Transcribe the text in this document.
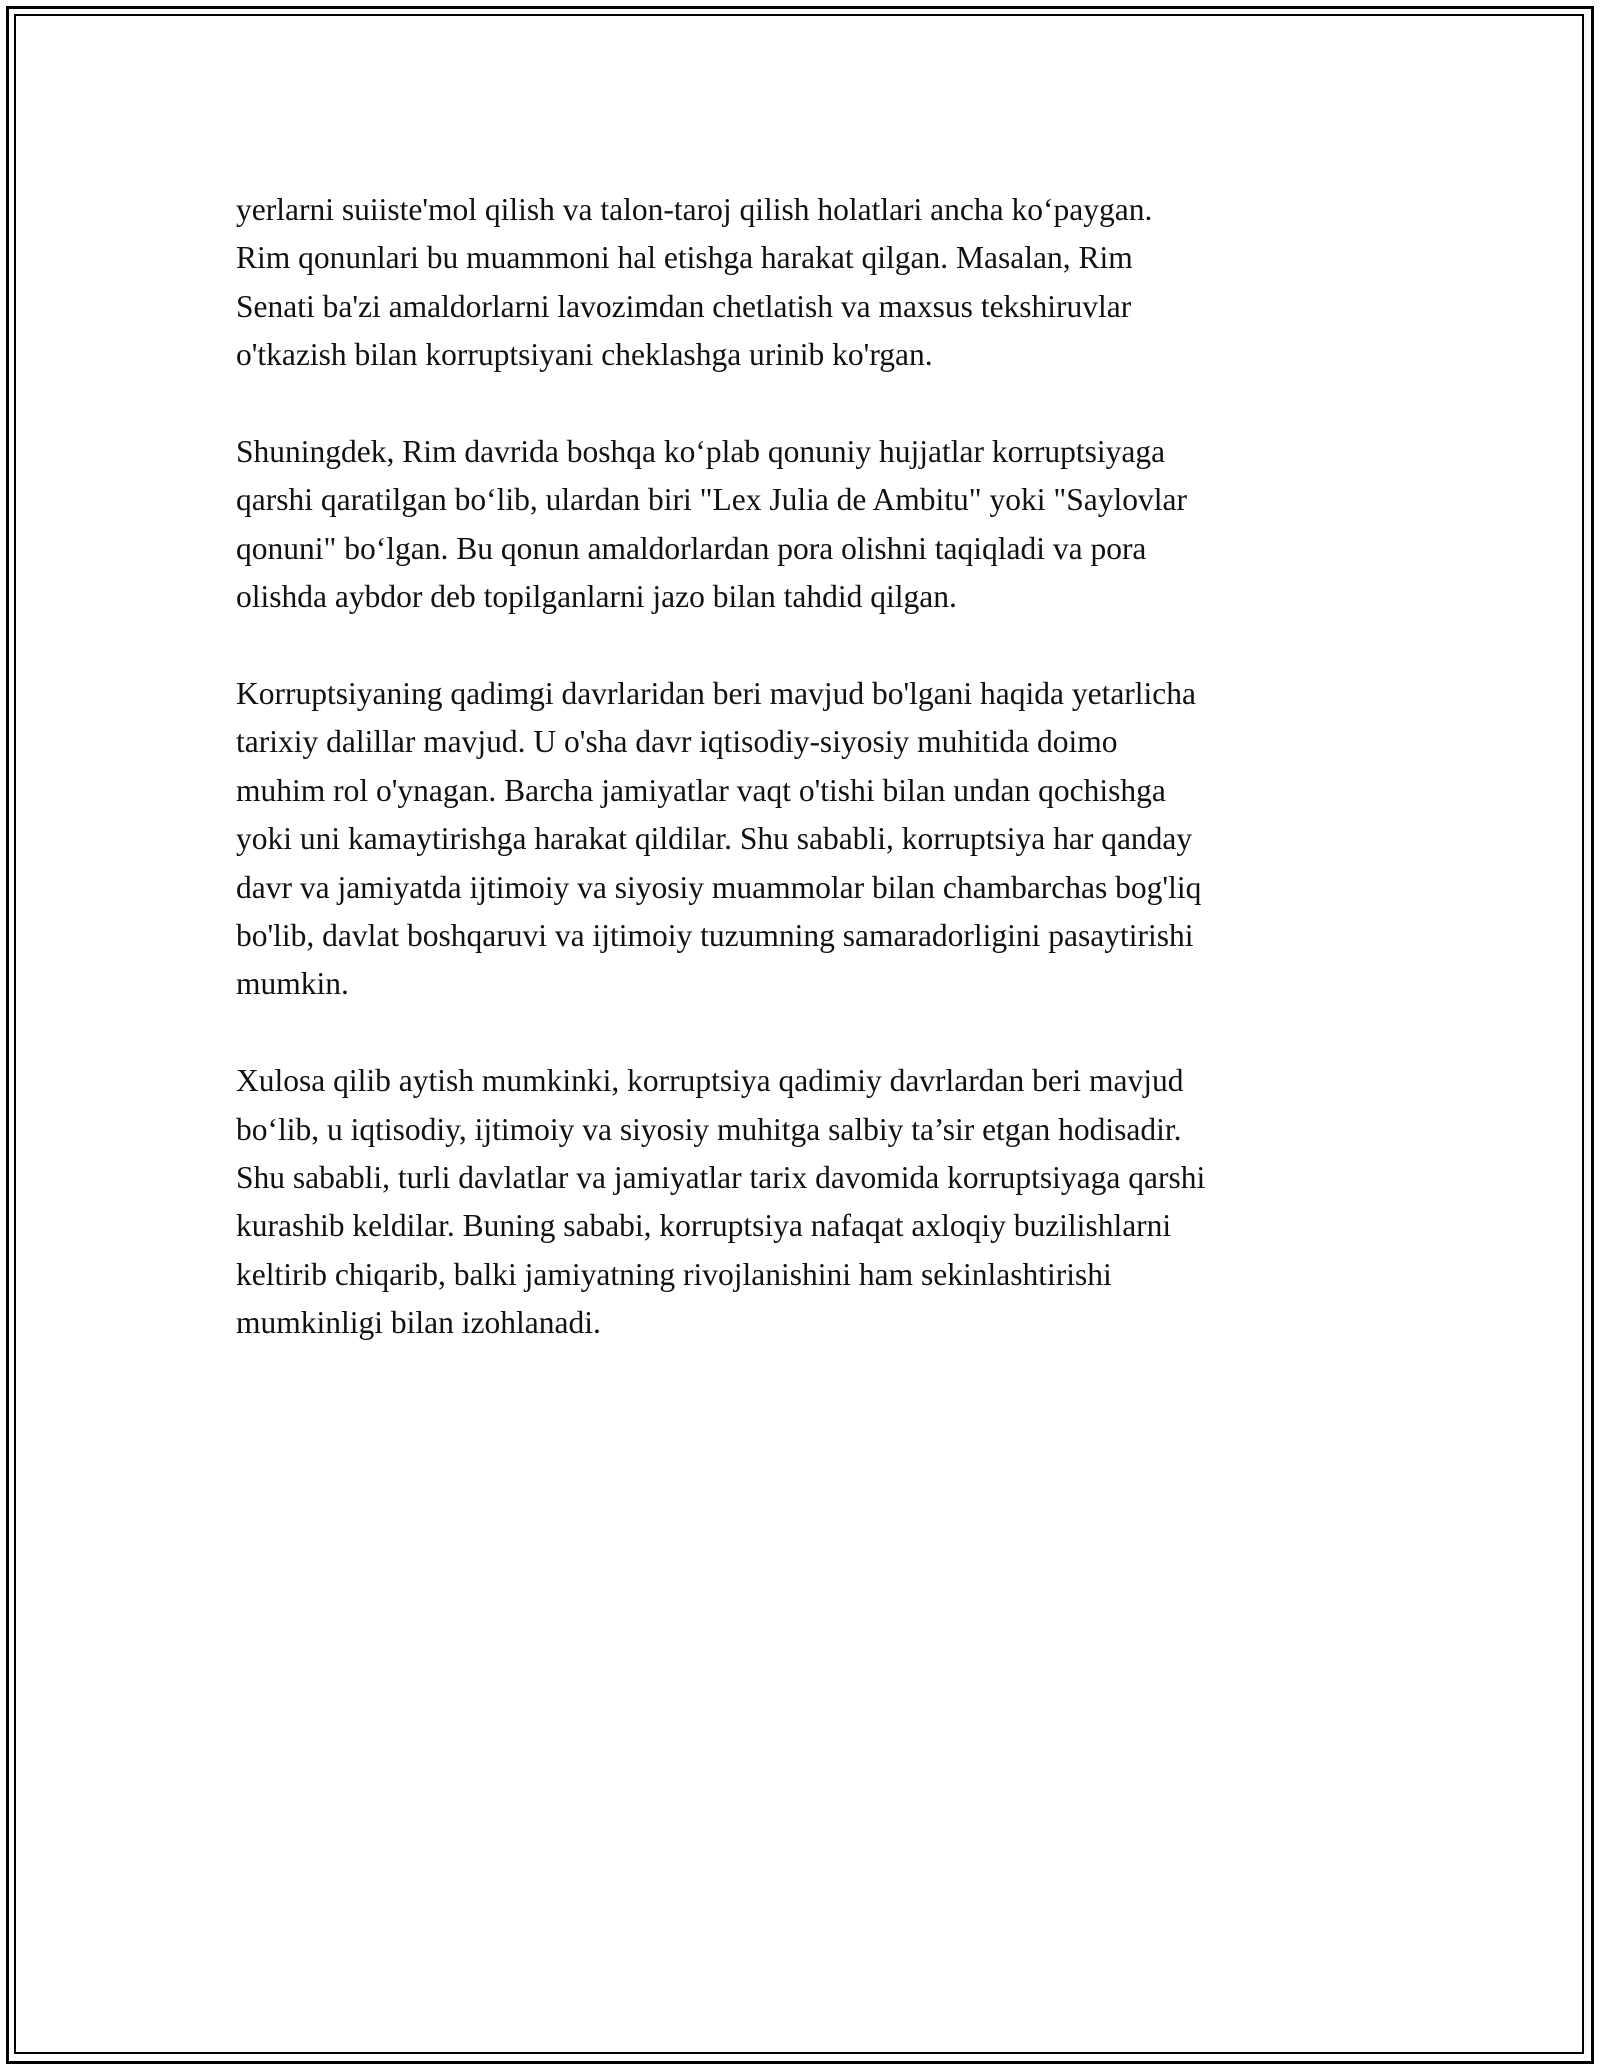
yerlarni suiiste'mol qilish va talon-taroj qilish holatlari ancha ko‘paygan.
Rim qonunlari bu muammoni hal etishga harakat qilgan. Masalan, Rim
Senati ba'zi amaldorlarni lavozimdan chetlatish va maxsus tekshiruvlar
o'tkazish bilan korruptsiyani cheklashga urinib ko'rgan.

Shuningdek, Rim davrida boshqa ko‘plab qonuniy hujjatlar korruptsiyaga
qarshi qaratilgan bo‘lib, ulardan biri "Lex Julia de Ambitu" yoki "Saylovlar
qonuni" bo‘lgan. Bu qonun amaldorlardan pora olishni taqiqladi va pora
olishda aybdor deb topilganlarni jazo bilan tahdid qilgan.

Korruptsiyaning qadimgi davrlaridan beri mavjud bo'lgani haqida yetarlicha
tarixiy dalillar mavjud. U o'sha davr iqtisodiy-siyosiy muhitida doimo
muhim rol o'ynagan. Barcha jamiyatlar vaqt o'tishi bilan undan qochishga
yoki uni kamaytirishga harakat qildilar. Shu sababli, korruptsiya har qanday
davr va jamiyatda ijtimoiy va siyosiy muammolar bilan chambarchas bog'liq
bo'lib, davlat boshqaruvi va ijtimoiy tuzumning samaradorligini pasaytirishi
mumkin.

Xulosa qilib aytish mumkinki, korruptsiya qadimiy davrlardan beri mavjud
bo‘lib, u iqtisodiy, ijtimoiy va siyosiy muhitga salbiy ta’sir etgan hodisadir.
Shu sababli, turli davlatlar va jamiyatlar tarix davomida korruptsiyaga qarshi
kurashib keldilar. Buning sababi, korruptsiya nafaqat axloqiy buzilishlarni
keltirib chiqarib, balki jamiyatning rivojlanishini ham sekinlashtirishi
mumkinligi bilan izohlanadi.
